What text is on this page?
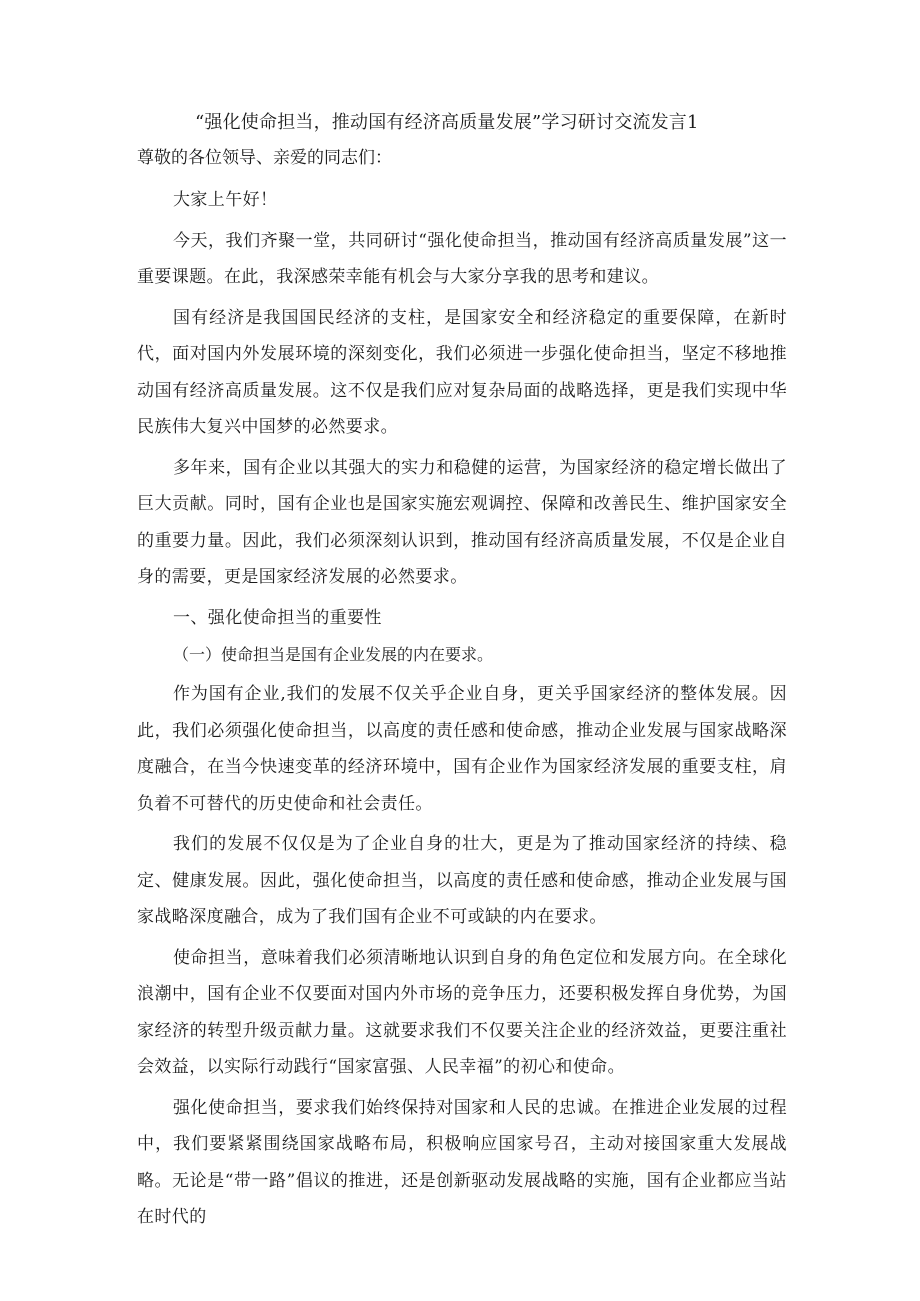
“强化使命担当，推动国有经济高质量发展”学习研讨交流发言1

尊敬的各位领导、亲爱的同志们：

大家上午好！

今天，我们齐聚一堂，共同研讨“强化使命担当，推动国有经济高质量发展”这一重要课题。在此，我深感荣幸能有机会与大家分享我的思考和建议。

国有经济是我国国民经济的支柱，是国家安全和经济稳定的重要保障，在新时代，面对国内外发展环境的深刻变化，我们必须进一步强化使命担当，坚定不移地推动国有经济高质量发展。这不仅是我们应对复杂局面的战略选择，更是我们实现中华民族伟大复兴中国梦的必然要求。

多年来，国有企业以其强大的实力和稳健的运营，为国家经济的稳定增长做出了巨大贡献。同时，国有企业也是国家实施宏观调控、保障和改善民生、维护国家安全的重要力量。因此，我们必须深刻认识到，推动国有经济高质量发展，不仅是企业自身的需要，更是国家经济发展的必然要求。

一、强化使命担当的重要性

（一）使命担当是国有企业发展的内在要求。

作为国有企业,我们的发展不仅关乎企业自身，更关乎国家经济的整体发展。因此，我们必须强化使命担当，以高度的责任感和使命感，推动企业发展与国家战略深度融合，在当今快速变革的经济环境中，国有企业作为国家经济发展的重要支柱，肩负着不可替代的历史使命和社会责任。

我们的发展不仅仅是为了企业自身的壮大，更是为了推动国家经济的持续、稳定、健康发展。因此，强化使命担当，以高度的责任感和使命感，推动企业发展与国家战略深度融合，成为了我们国有企业不可或缺的内在要求。

使命担当，意味着我们必须清晰地认识到自身的角色定位和发展方向。在全球化浪潮中，国有企业不仅要面对国内外市场的竞争压力，还要积极发挥自身优势，为国家经济的转型升级贡献力量。这就要求我们不仅要关注企业的经济效益，更要注重社会效益，以实际行动践行“国家富强、人民幸福”的初心和使命。

强化使命担当，要求我们始终保持对国家和人民的忠诚。在推进企业发展的过程中，我们要紧紧围绕国家战略布局，积极响应国家号召，主动对接国家重大发展战略。无论是“带一路”倡议的推进，还是创新驱动发展战略的实施，国有企业都应当站在时代的
